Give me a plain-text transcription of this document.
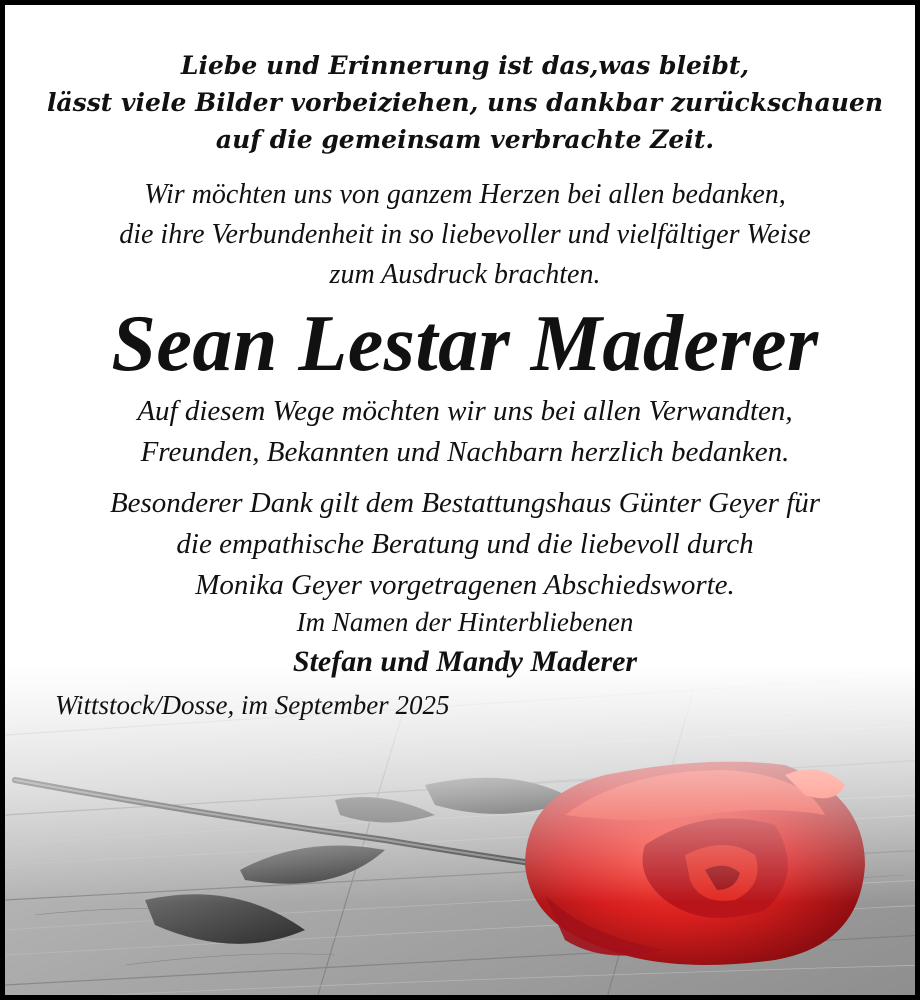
Liebe und Erinnerung ist das,was bleibt,
lässt viele Bilder vorbeiziehen, uns dankbar zurückschauen
auf die gemeinsam verbrachte Zeit.
Wir möchten uns von ganzem Herzen bei allen bedanken,
die ihre Verbundenheit in so liebevoller und vielfältiger Weise
zum Ausdruck brachten.
Sean Lestar Maderer
Auf diesem Wege möchten wir uns bei allen Verwandten,
Freunden, Bekannten und Nachbarn herzlich bedanken.
Besonderer Dank gilt dem Bestattungshaus Günter Geyer für
die empathische Beratung und die liebevoll durch
Monika Geyer vorgetragenen Abschiedsworte.
Im Namen der Hinterbliebenen
Stefan und Mandy Maderer
Wittstock/Dosse, im September 2025
